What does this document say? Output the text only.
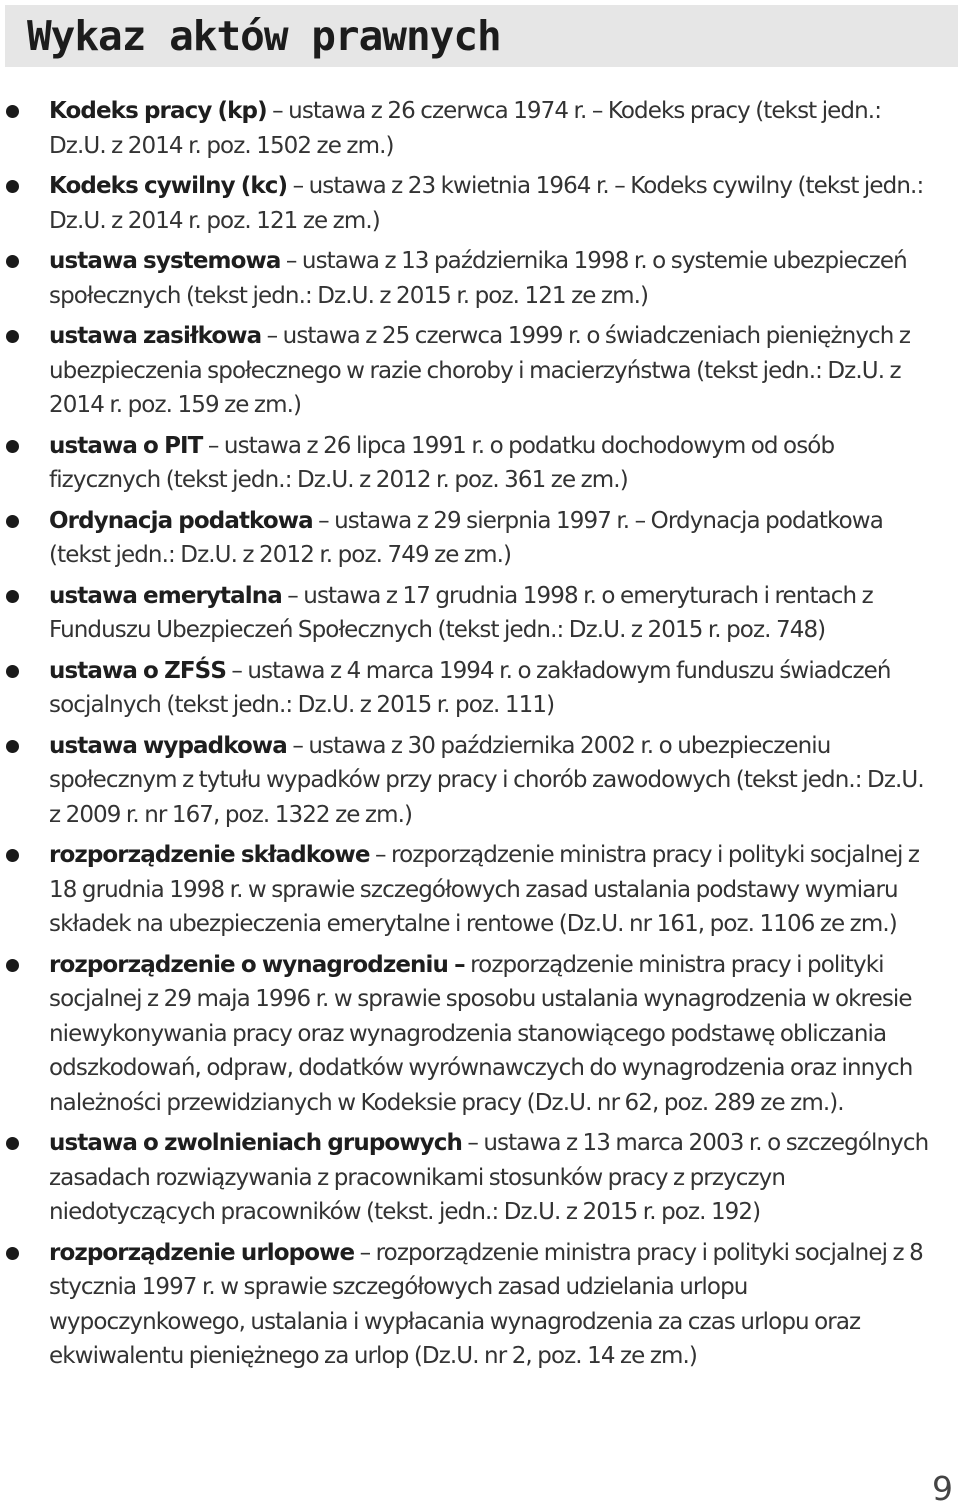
Wykaz aktów prawnych
Kodeks pracy (kp) – ustawa z 26 czerwca 1974 r. – Kodeks pracy (tekst jedn.: Dz.U. z 2014 r. poz. 1502 ze zm.)
Kodeks cywilny (kc) – ustawa z 23 kwietnia 1964 r. – Kodeks cywilny (tekst jedn.: Dz.U. z 2014 r. poz. 121 ze zm.)
ustawa systemowa – ustawa z 13 października 1998 r. o systemie ubezpieczeń społecznych (tekst jedn.: Dz.U. z 2015 r. poz. 121 ze zm.)
ustawa zasiłkowa – ustawa z 25 czerwca 1999 r. o świadczeniach pieniężnych z ubezpieczenia społecznego w razie choroby i macierzyństwa (tekst jedn.: Dz.U. z 2014 r. poz. 159 ze zm.)
ustawa o PIT – ustawa z 26 lipca 1991 r. o podatku dochodowym od osób fizycznych (tekst jedn.: Dz.U. z 2012 r. poz. 361 ze zm.)
Ordynacja podatkowa – ustawa z 29 sierpnia 1997 r. – Ordynacja podatkowa (tekst jedn.: Dz.U. z 2012 r. poz. 749 ze zm.)
ustawa emerytalna – ustawa z 17 grudnia 1998 r. o emeryturach i rentach z Funduszu Ubezpieczeń Społecznych (tekst jedn.: Dz.U. z 2015 r. poz. 748)
ustawa o ZFŚS – ustawa z 4 marca 1994 r. o zakładowym funduszu świadczeń socjalnych (tekst jedn.: Dz.U. z 2015 r. poz. 111)
ustawa wypadkowa – ustawa z 30 października 2002 r. o ubezpieczeniu społecznym z tytułu wypadków przy pracy i chorób zawodowych (tekst jedn.: Dz.U. z 2009 r. nr 167, poz. 1322 ze zm.)
rozporządzenie składkowe – rozporządzenie ministra pracy i polityki socjalnej z 18 grudnia 1998 r. w sprawie szczegółowych zasad ustalania podstawy wymiaru składek na ubezpieczenia emerytalne i rentowe (Dz.U. nr 161, poz. 1106 ze zm.)
rozporządzenie o wynagrodzeniu – rozporządzenie ministra pracy i polityki socjalnej z 29 maja 1996 r. w sprawie sposobu ustalania wynagrodzenia w okresie niewykonywania pracy oraz wynagrodzenia stanowiącego podstawę obliczania odszkodowań, odpraw, dodatków wyrównawczych do wynagrodzenia oraz innych należności przewidzianych w Kodeksie pracy (Dz.U. nr 62, poz. 289 ze zm.).
ustawa o zwolnieniach grupowych – ustawa z 13 marca 2003 r. o szczególnych zasadach rozwiązywania z pracownikami stosunków pracy z przyczyn niedotyczących pracowników (tekst. jedn.: Dz.U. z 2015 r. poz. 192)
rozporządzenie urlopowe – rozporządzenie ministra pracy i polityki socjalnej z 8 stycznia 1997 r. w sprawie szczegółowych zasad udzielania urlopu wypoczynkowego, ustalania i wypłacania wynagrodzenia za czas urlopu oraz ekwiwalentu pieniężnego za urlop (Dz.U. nr 2, poz. 14 ze zm.)
9
